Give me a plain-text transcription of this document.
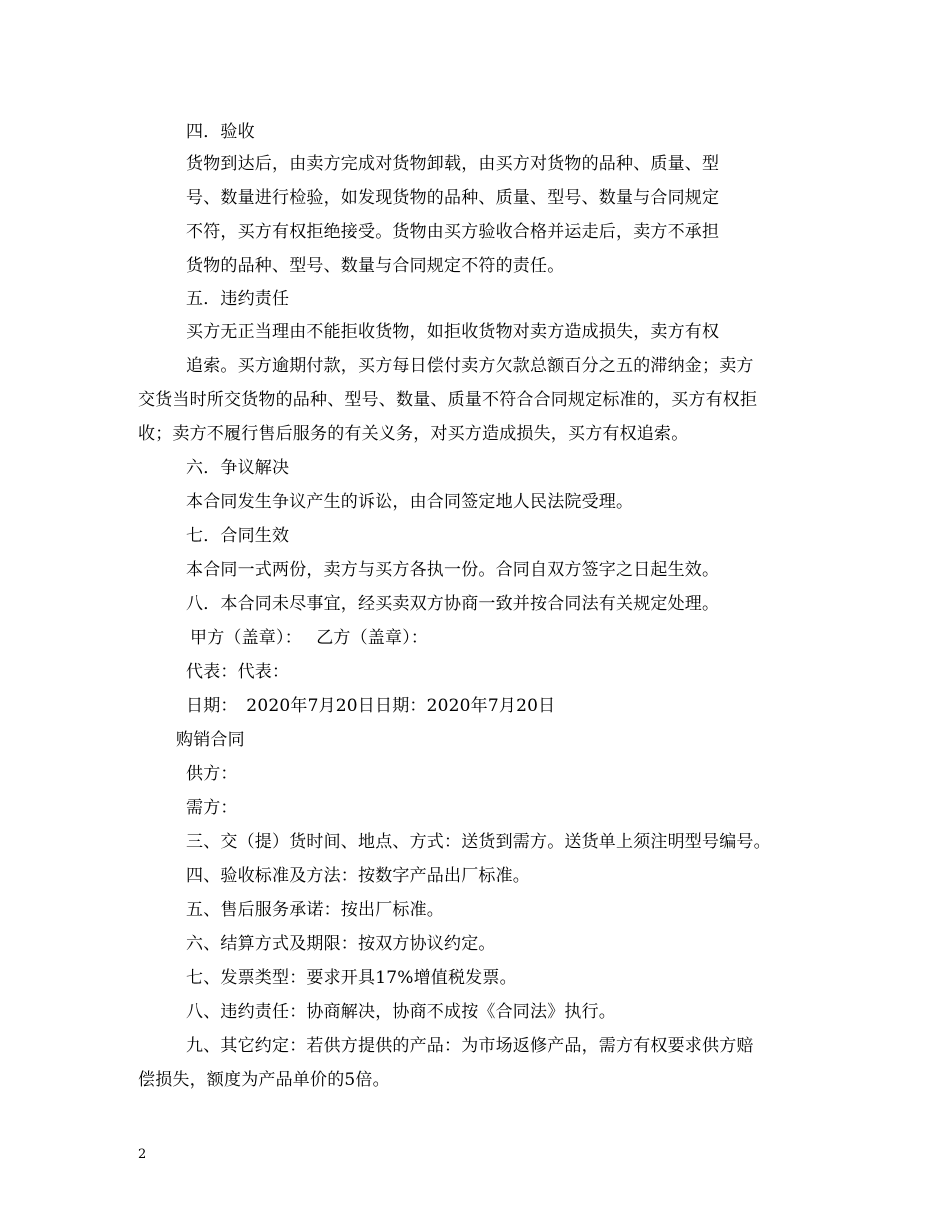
四．验收
货物到达后，由卖方完成对货物卸载，由买方对货物的品种、质量、型
号、数量进行检验，如发现货物的品种、质量、型号、数量与合同规定
不符，买方有权拒绝接受。货物由买方验收合格并运走后，卖方不承担
货物的品种、型号、数量与合同规定不符的责任。
五．违约责任
买方无正当理由不能拒收货物，如拒收货物对卖方造成损失，卖方有权
追索。买方逾期付款，买方每日偿付卖方欠款总额百分之五的滞纳金；卖方
交货当时所交货物的品种、型号、数量、质量不符合合同规定标准的，买方有权拒
收；卖方不履行售后服务的有关义务，对买方造成损失，买方有权追索。
六．争议解决
本合同发生争议产生的诉讼，由合同签定地人民法院受理。
七．合同生效
本合同一式两份，卖方与买方各执一份。合同自双方签字之日起生效。
八．本合同未尽事宜，经买卖双方协商一致并按合同法有关规定处理。
甲方（盖章）：　 乙方（盖章）：
代表：代表：
日期：　2020年7月20日日期：2020年7月20日
购销合同
供方：
需方：
三、交（提）货时间、地点、方式：送货到需方。送货单上须注明型号编号。
四、验收标准及方法：按数字产品出厂标准。
五、售后服务承诺：按出厂标准。
六、结算方式及期限：按双方协议约定。
七、发票类型：要求开具17%增值税发票。
八、违约责任：协商解决，协商不成按《合同法》执行。
九、其它约定：若供方提供的产品：为市场返修产品，需方有权要求供方赔
偿损失，额度为产品单价的5倍。
2
